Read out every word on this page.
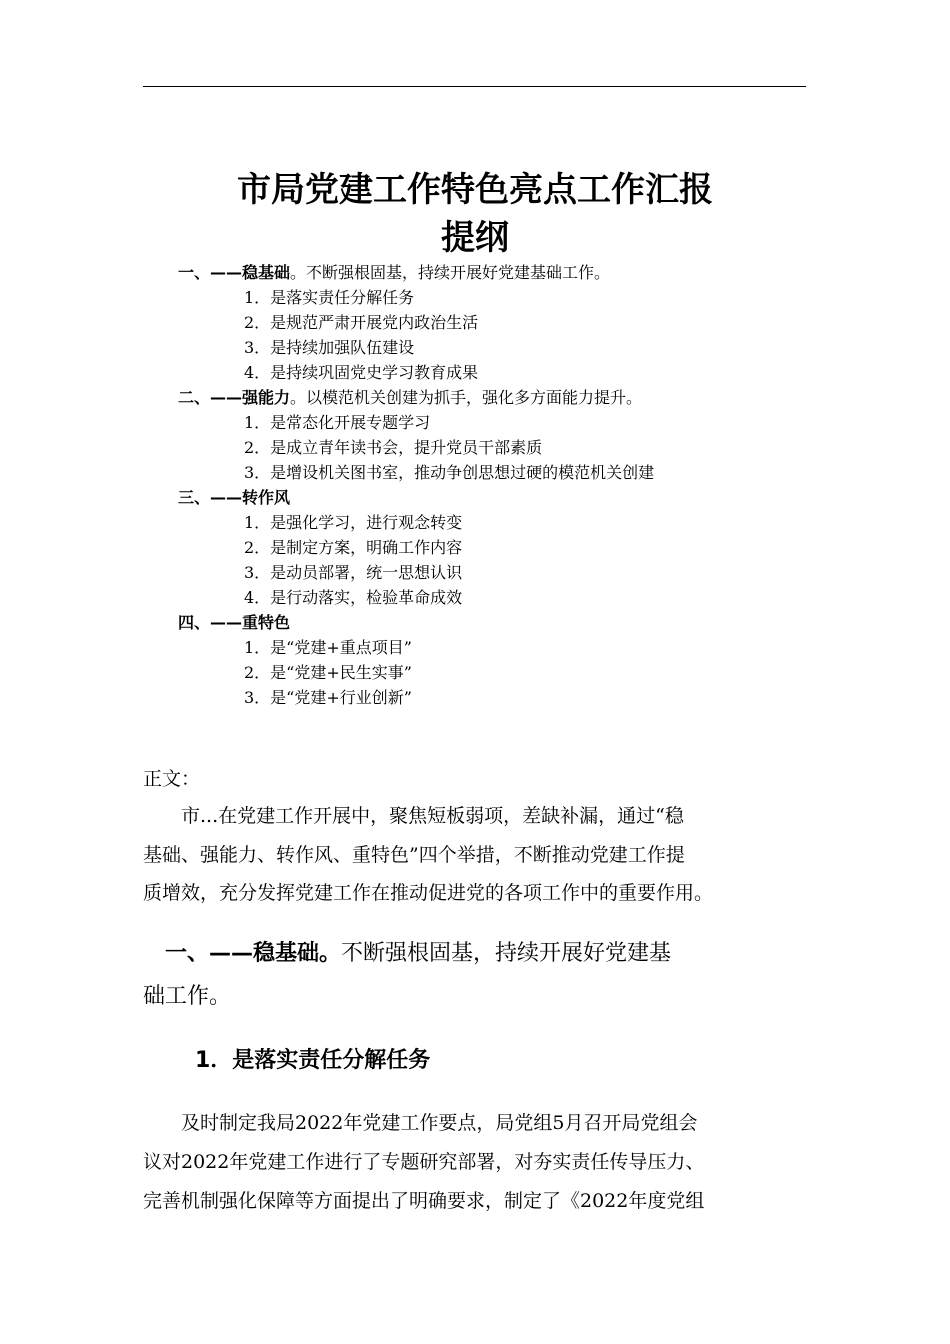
市局党建工作特色亮点工作汇报
提纲
一、——稳基础。不断强根固基，持续开展好党建基础工作。
1．是落实责任分解任务
2．是规范严肃开展党内政治生活
3．是持续加强队伍建设
4．是持续巩固党史学习教育成果
二、——强能力。以模范机关创建为抓手，强化多方面能力提升。
1．是常态化开展专题学习
2．是成立青年读书会，提升党员干部素质
3．是增设机关图书室，推动争创思想过硬的模范机关创建
三、——转作风
1．是强化学习，进行观念转变
2．是制定方案，明确工作内容
3．是动员部署，统一思想认识
4．是行动落实，检验革命成效
四、——重特色
1．是“党建+重点项目”
2．是“党建+民生实事”
3．是“党建+行业创新”
正文：
　　市...在党建工作开展中，聚焦短板弱项，差缺补漏，通过“稳
基础、强能力、转作风、重特色”四个举措，不断推动党建工作提
质增效，充分发挥党建工作在推动促进党的各项工作中的重要作用。
　一、——稳基础。不断强根固基，持续开展好党建基
础工作。
1．是落实责任分解任务
　　及时制定我局2022年党建工作要点，局党组5月召开局党组会
议对2022年党建工作进行了专题研究部署，对夯实责任传导压力、
完善机制强化保障等方面提出了明确要求，制定了《2022年度党组
